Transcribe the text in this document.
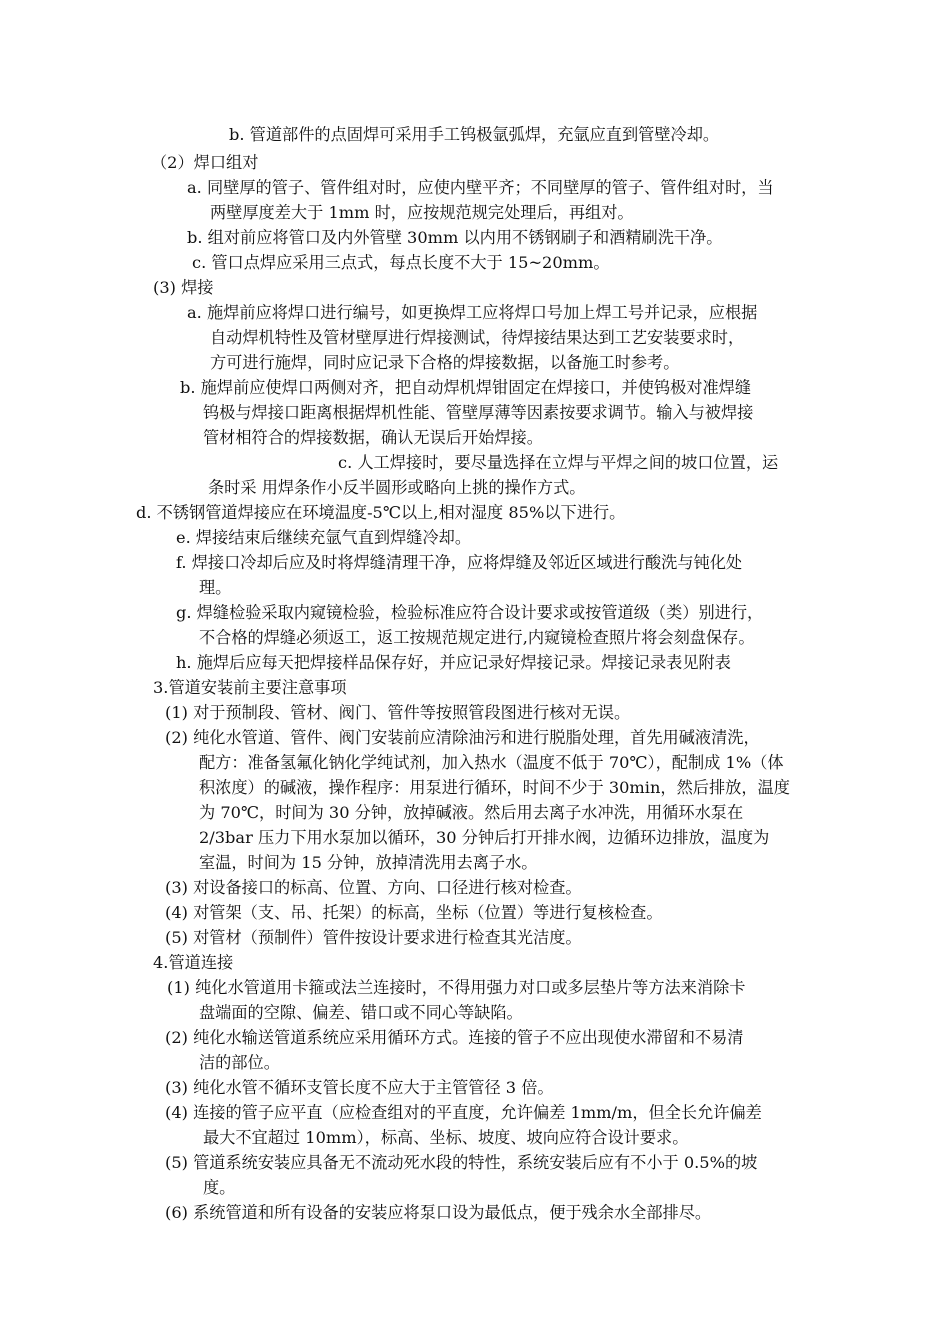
b. 管道部件的点固焊可采用手工钨极氩弧焊，充氩应直到管壁冷却。
（2）焊口组对
a. 同壁厚的管子、管件组对时，应使内壁平齐；不同壁厚的管子、管件组对时，当
两壁厚度差大于 1mm 时，应按规范规完处理后，再组对。
b. 组对前应将管口及内外管壁 30mm 以内用不锈钢刷子和酒精刷洗干净。
c. 管口点焊应采用三点式，每点长度不大于 15~20mm。
(3) 焊接
a. 施焊前应将焊口进行编号，如更换焊工应将焊口号加上焊工号并记录，应根据
自动焊机特性及管材壁厚进行焊接测试，待焊接结果达到工艺安装要求时，
方可进行施焊，同时应记录下合格的焊接数据，以备施工时参考。
b. 施焊前应使焊口两侧对齐，把自动焊机焊钳固定在焊接口，并使钨极对准焊缝
钨极与焊接口距离根据焊机性能、管壁厚薄等因素按要求调节。输入与被焊接
管材相符合的焊接数据，确认无误后开始焊接。
c. 人工焊接时，要尽量选择在立焊与平焊之间的坡口位置，运
条时采 用焊条作小反半圆形或略向上挑的操作方式。
d. 不锈钢管道焊接应在环境温度-5℃以上,相对湿度 85%以下进行。
e. 焊接结束后继续充氩气直到焊缝冷却。
f. 焊接口冷却后应及时将焊缝清理干净，应将焊缝及邻近区域进行酸洗与钝化处
理。
g. 焊缝检验采取内窥镜检验，检验标准应符合设计要求或按管道级（类）别进行，
不合格的焊缝必须返工，返工按规范规定进行,内窥镜检查照片将会刻盘保存。
h. 施焊后应每天把焊接样品保存好，并应记录好焊接记录。焊接记录表见附表
3.管道安装前主要注意事项
(1) 对于预制段、管材、阀门、管件等按照管段图进行核对无误。
(2) 纯化水管道、管件、阀门安装前应清除油污和进行脱脂处理，首先用碱液清洗，
配方：准备氢氟化钠化学纯试剂，加入热水（温度不低于 70℃），配制成 1%（体
积浓度）的碱液，操作程序：用泵进行循环，时间不少于 30min，然后排放，温度
为 70℃，时间为 30 分钟，放掉碱液。然后用去离子水冲洗，用循环水泵在
2/3bar 压力下用水泵加以循环，30 分钟后打开排水阀，边循环边排放，温度为
室温，时间为 15 分钟，放掉清洗用去离子水。
(3) 对设备接口的标高、位置、方向、口径进行核对检查。
(4) 对管架（支、吊、托架）的标高，坐标（位置）等进行复核检查。
(5) 对管材（预制件）管件按设计要求进行检查其光洁度。
4.管道连接
(1) 纯化水管道用卡箍或法兰连接时，不得用强力对口或多层垫片等方法来消除卡
盘端面的空隙、偏差、错口或不同心等缺陷。
(2) 纯化水输送管道系统应采用循环方式。连接的管子不应出现使水滞留和不易清
洁的部位。
(3) 纯化水管不循环支管长度不应大于主管管径 3 倍。
(4) 连接的管子应平直（应检查组对的平直度，允许偏差 1mm/m，但全长允许偏差
最大不宜超过 10mm），标高、坐标、坡度、坡向应符合设计要求。
(5) 管道系统安装应具备无不流动死水段的特性，系统安装后应有不小于 0.5%的坡
度。
(6) 系统管道和所有设备的安装应将泵口设为最低点，便于残余水全部排尽。
